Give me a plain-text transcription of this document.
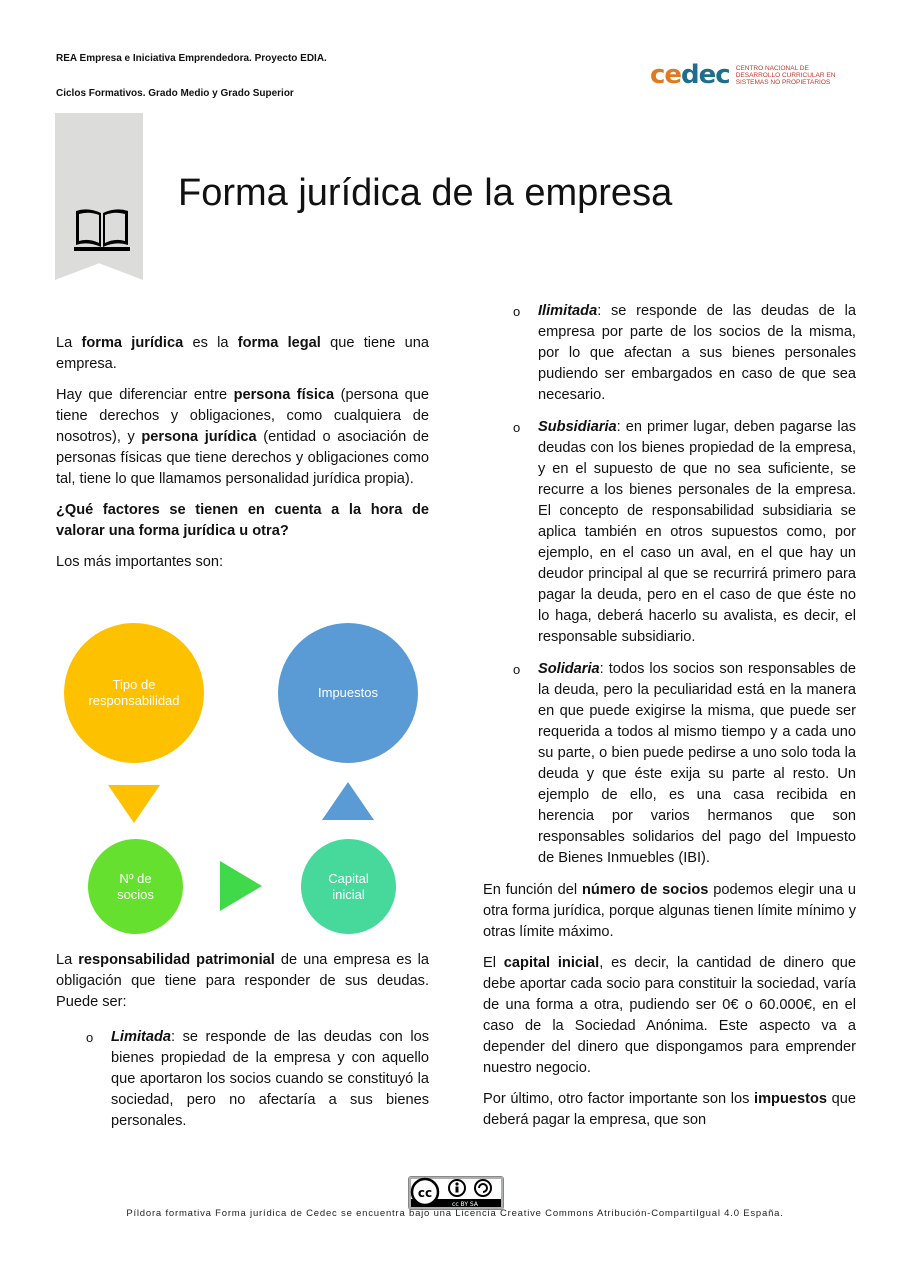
REA Empresa e Iniciativa Emprendedora. Proyecto EDIA.
Ciclos Formativos. Grado Medio y Grado Superior
cedec CENTRO NACIONAL DE DESARROLLO CURRICULAR EN SISTEMAS NO PROPIETARIOS
Forma jurídica de la empresa

La forma jurídica es la forma legal que tiene una empresa.

Hay que diferenciar entre persona física (persona que tiene derechos y obligaciones, como cualquiera de nosotros), y persona jurídica (entidad o asociación de personas físicas que tiene derechos y obligaciones como tal, tiene lo que llamamos personalidad jurídica propia).

¿Qué factores se tienen en cuenta a la hora de valorar una forma jurídica u otra?

Los más importantes son:

Tipo de responsabilidad
Impuestos
Nº de socios
Capital inicial

La responsabilidad patrimonial de una empresa es la obligación que tiene para responder de sus deudas. Puede ser:

o Limitada: se responde de las deudas con los bienes propiedad de la empresa y con aquello que aportaron los socios cuando se constituyó la sociedad, pero no afectaría a sus bienes personales.
o Ilimitada: se responde de las deudas de la empresa por parte de los socios de la misma, por lo que afectan a sus bienes personales pudiendo ser embargados en caso de que sea necesario.
o Subsidiaria: en primer lugar, deben pagarse las deudas con los bienes propiedad de la empresa, y en el supuesto de que no sea suficiente, se recurre a los bienes personales de la empresa. El concepto de responsabilidad subsidiaria se aplica también en otros supuestos como, por ejemplo, en el caso un aval, en el que hay un deudor principal al que se recurrirá primero para pagar la deuda, pero en el caso de que éste no lo haga, deberá hacerlo su avalista, es decir, el responsable subsidiario.
o Solidaria: todos los socios son responsables de la deuda, pero la peculiaridad está en la manera en que puede exigirse la misma, que puede ser requerida a todos al mismo tiempo y a cada uno su parte, o bien puede pedirse a uno solo toda la deuda y que éste exija su parte al resto. Un ejemplo de ello, es una casa recibida en herencia por varios hermanos que son responsables solidarios del pago del Impuesto de Bienes Inmuebles (IBI).

En función del número de socios podemos elegir una u otra forma jurídica, porque algunas tienen límite mínimo y otras límite máximo.

El capital inicial, es decir, la cantidad de dinero que debe aportar cada socio para constituir la sociedad, varía de una forma a otra, pudiendo ser 0€ o 60.000€, en el caso de la Sociedad Anónima. Este aspecto va a depender del dinero que dispongamos para emprender nuestro negocio.

Por último, otro factor importante son los impuestos que deberá pagar la empresa, que son

cc
cc BY SA
Píldora formativa Forma jurídica de Cedec se encuentra bajo una Licencia Creative Commons Atribución-CompartiIgual 4.0 España.
